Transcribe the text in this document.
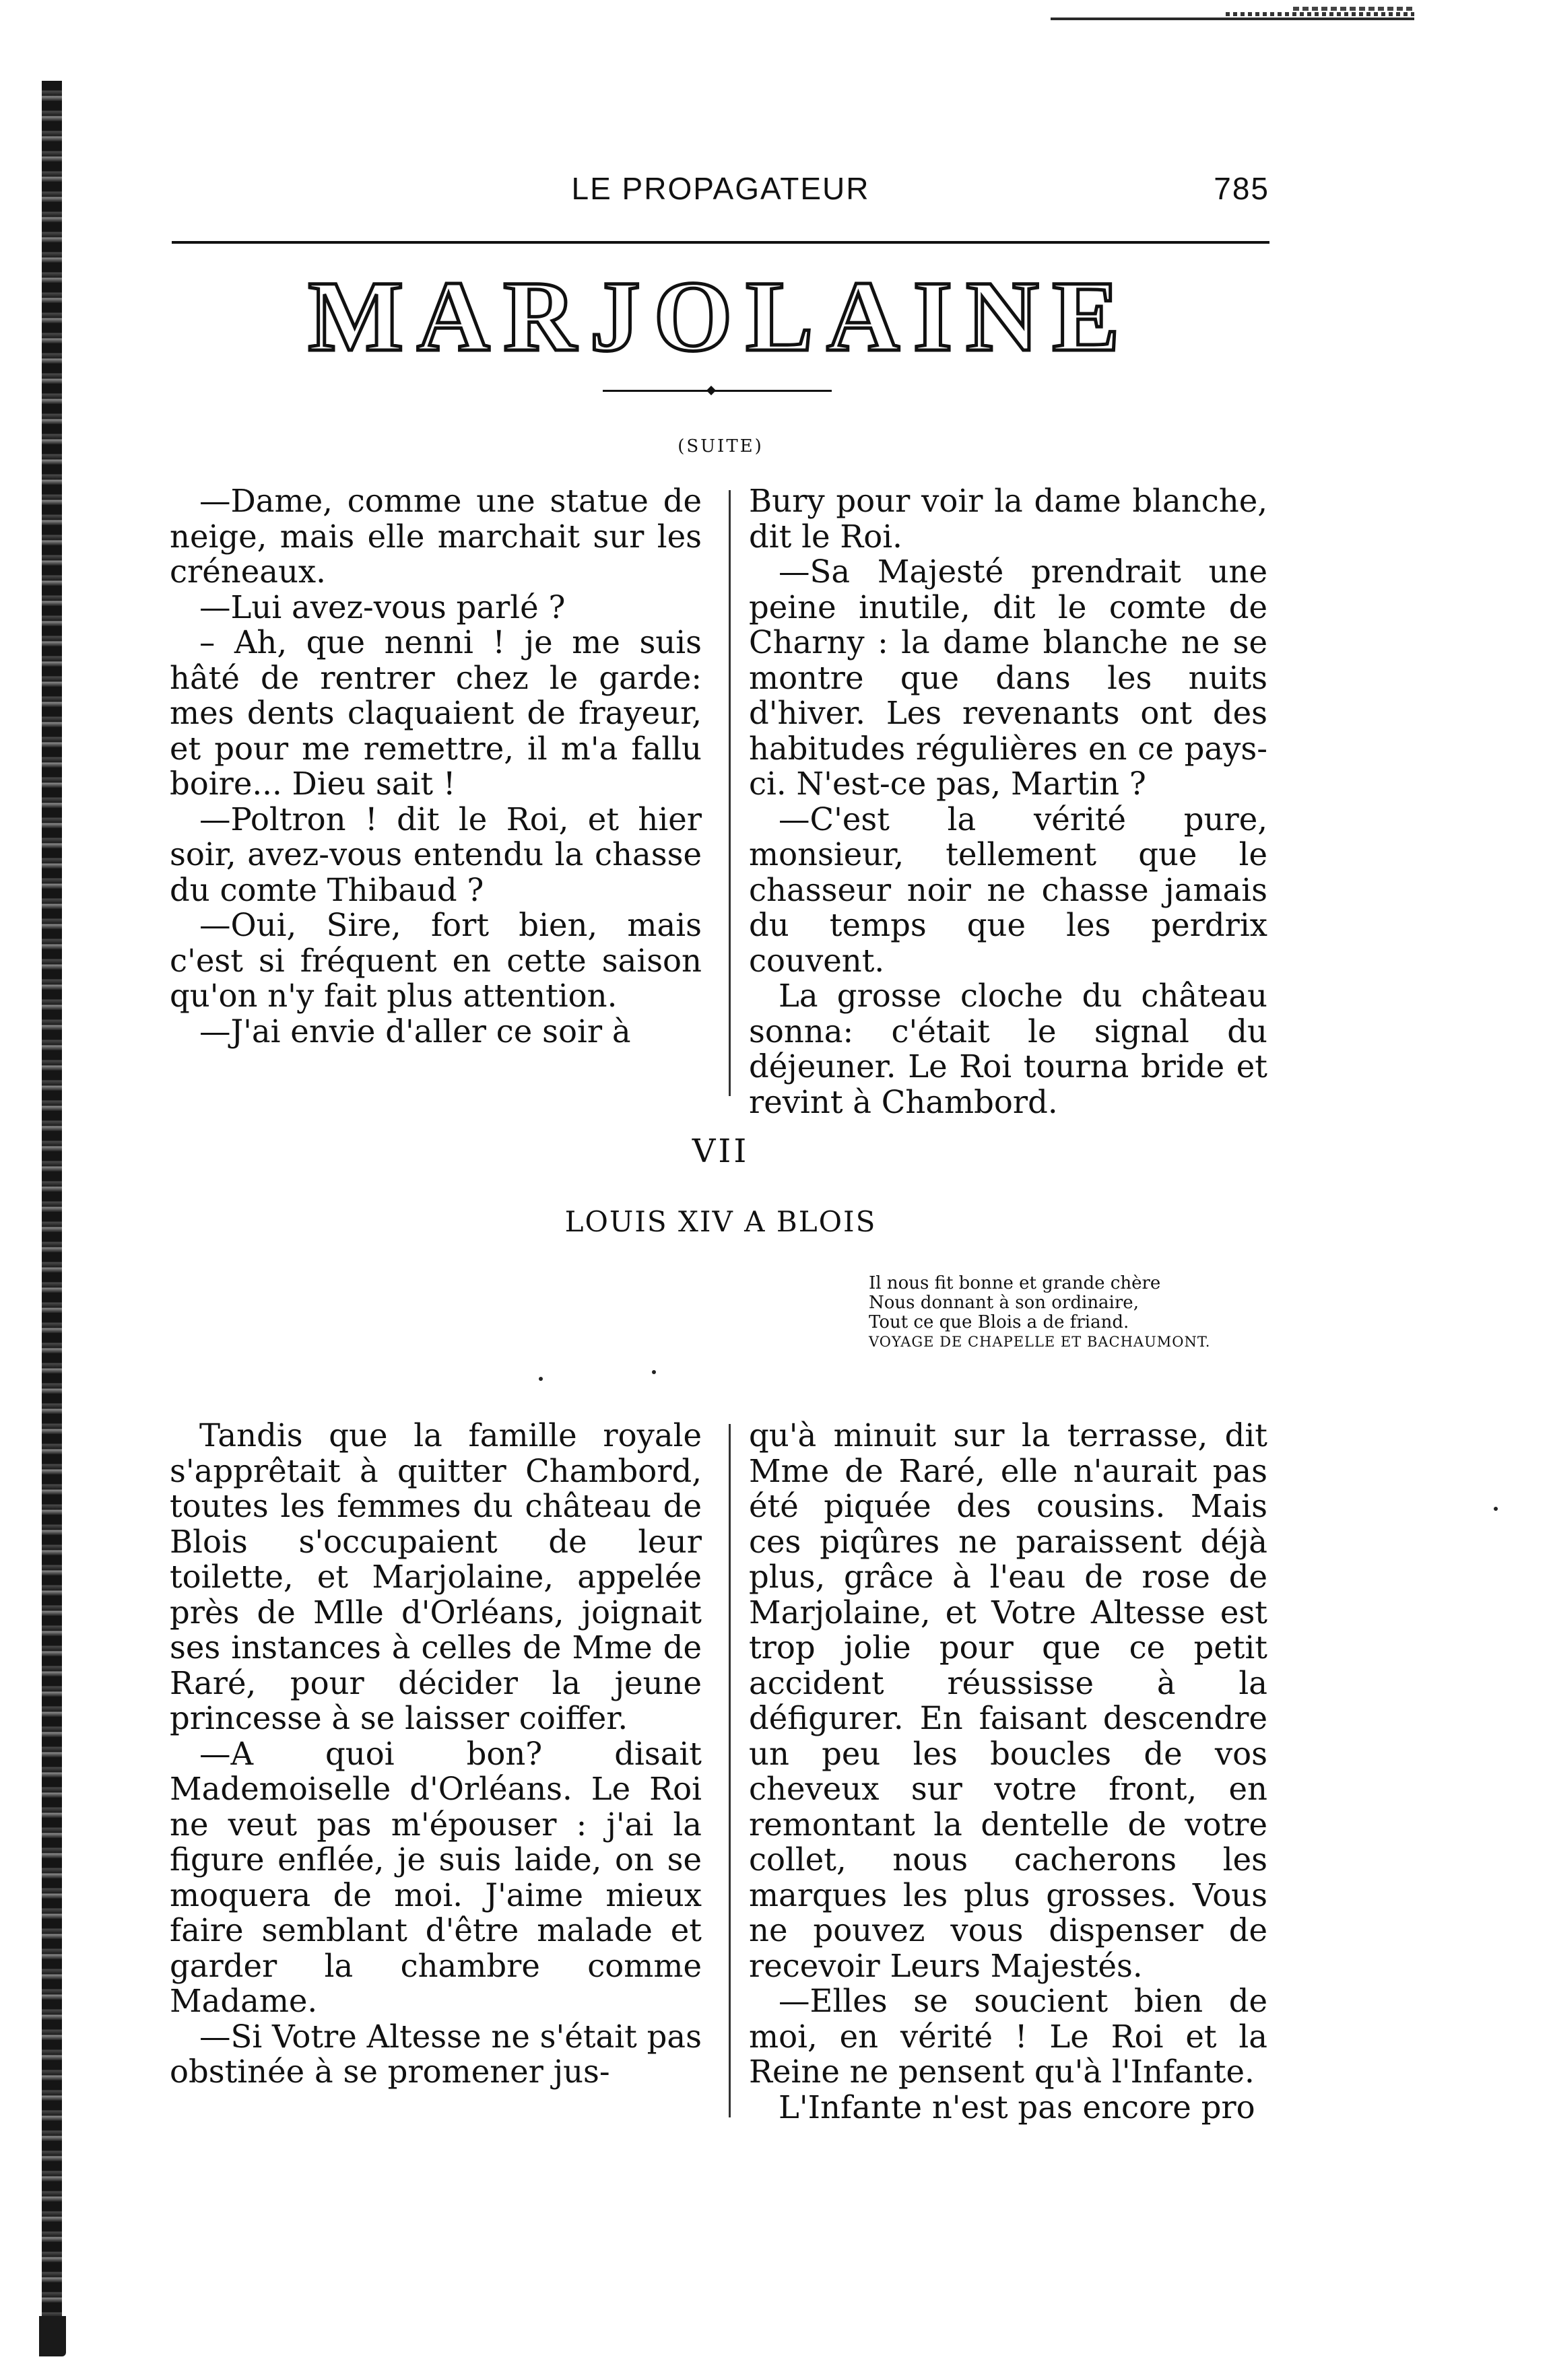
LE PROPAGATEUR	785
MARJOLAINE
(SUITE)

—Dame, comme une statue de neige, mais elle marchait sur les créneaux.

—Lui avez-vous parlé ?

– Ah, que nenni ! je me suis hâté de rentrer chez le garde: mes dents claquaient de frayeur, et pour me remettre, il m'a fallu boire... Dieu sait !

—Poltron ! dit le Roi, et hier soir, avez-vous entendu la chasse du comte Thibaud ?

—Oui, Sire, fort bien, mais c'est si fréquent en cette saison qu'on n'y fait plus attention.

—J'ai envie d'aller ce soir à

Bury pour voir la dame blanche, dit le Roi.

—Sa Majesté prendrait une peine inutile, dit le comte de Charny : la dame blanche ne se montre que dans les nuits d'hiver. Les revenants ont des habitudes régulières en ce pays-ci. N'est-ce pas, Martin ?

—C'est la vérité pure, monsieur, tellement que le chasseur noir ne chasse jamais du temps que les perdrix couvent.

La grosse cloche du château sonna: c'était le signal du déjeuner. Le Roi tourna bride et revint à Chambord.

VII
LOUIS XIV A BLOIS
Il nous fit bonne et grande chère
Nous donnant à son ordinaire,
Tout ce que Blois a de friand.
VOYAGE DE CHAPELLE ET BACHAUMONT.

Tandis que la famille royale s'apprêtait à quitter Chambord, toutes les femmes du château de Blois s'occupaient de leur toilette, et Marjolaine, appelée près de Mlle d'Orléans, joignait ses instances à celles de Mme de Raré, pour décider la jeune princesse à se laisser coiffer.

—A quoi bon? disait Mademoiselle d'Orléans. Le Roi ne veut pas m'épouser : j'ai la figure enflée, je suis laide, on se moquera de moi. J'aime mieux faire semblant d'être malade et garder la chambre comme Madame.

—Si Votre Altesse ne s'était pas obstinée à se promener jus-

qu'à minuit sur la terrasse, dit Mme de Raré, elle n'aurait pas été piquée des cousins. Mais ces piqûres ne paraissent déjà plus, grâce à l'eau de rose de Marjolaine, et Votre Altesse est trop jolie pour que ce petit accident réussisse à la défigurer. En faisant descendre un peu les boucles de vos cheveux sur votre front, en remontant la dentelle de votre collet, nous cacherons les marques les plus grosses. Vous ne pouvez vous dispenser de recevoir Leurs Majestés.

—Elles se soucient bien de moi, en vérité ! Le Roi et la Reine ne pensent qu'à l'Infante.

L'Infante n'est pas encore pro
